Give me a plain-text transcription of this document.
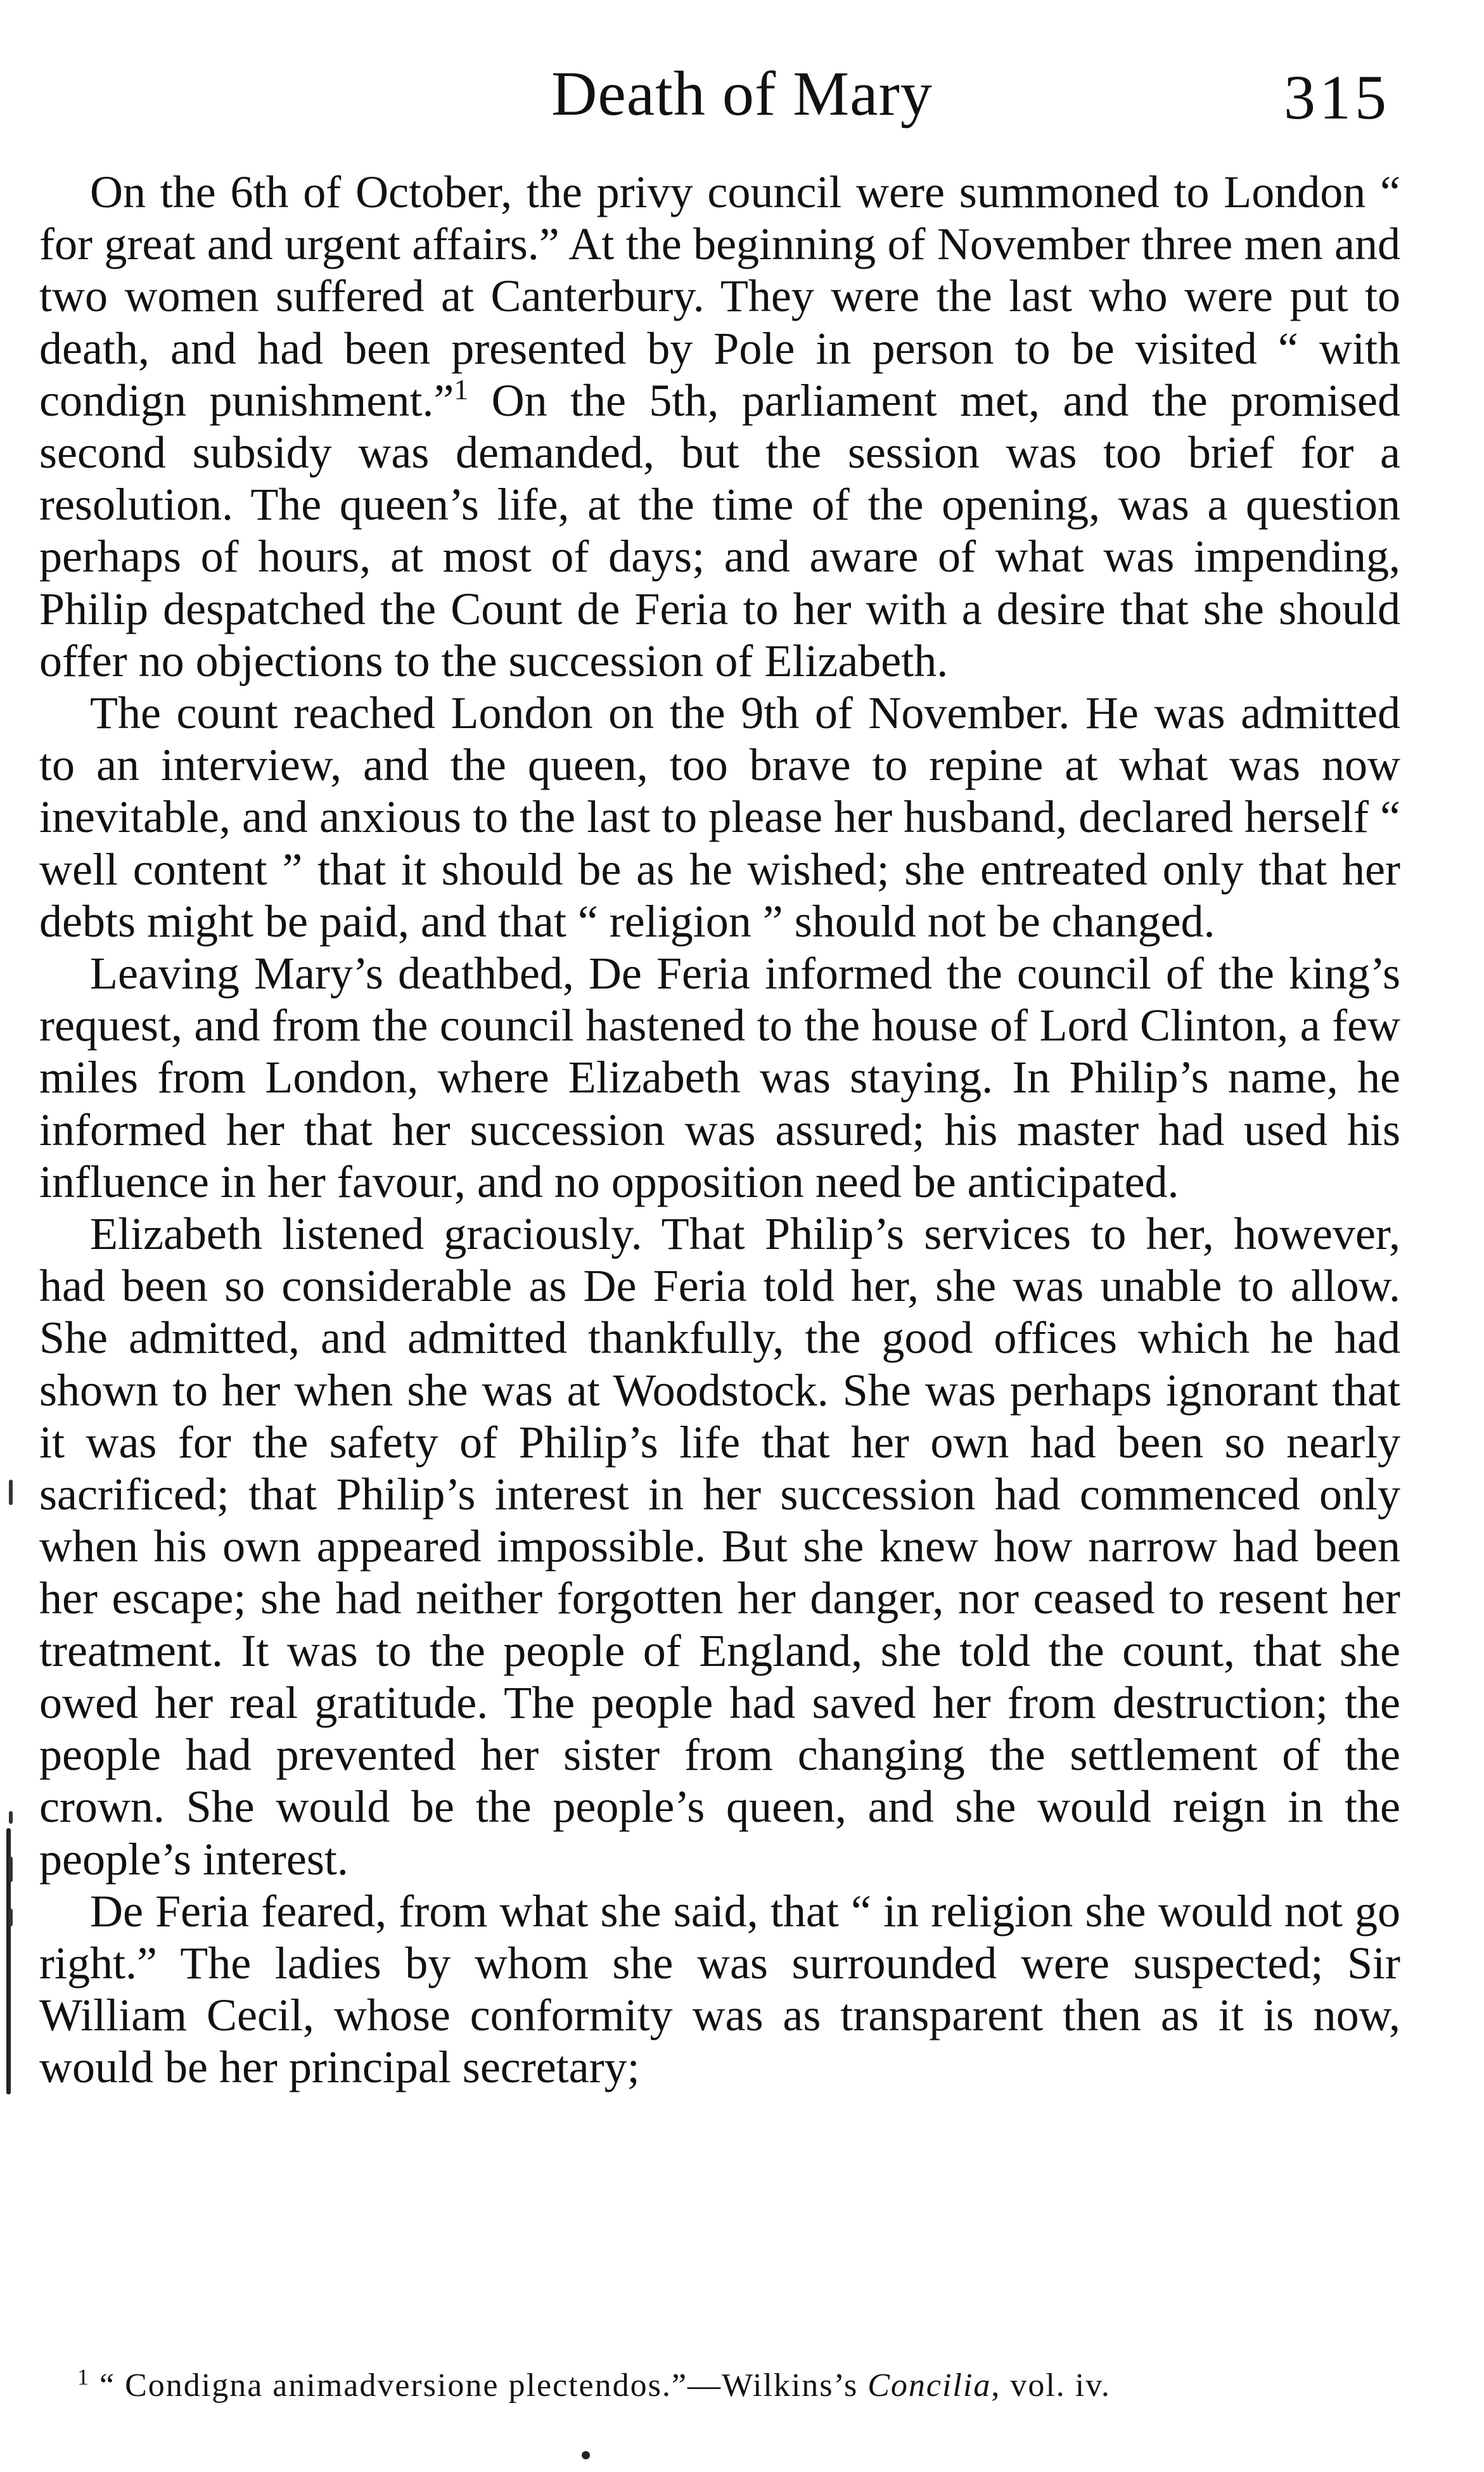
Death of Mary	315

On the 6th of October, the privy council were summoned to London “ for great and urgent affairs.” At the beginning of November three men and two women suffered at Canterbury. They were the last who were put to death, and had been presented by Pole in person to be visited “ with condign punishment.”$^1$ On the 5th, parliament met, and the promised second subsidy was demanded, but the session was too brief for a resolution. The queen’s life, at the time of the opening, was a question perhaps of hours, at most of days; and aware of what was impending, Philip despatched the Count de Feria to her with a desire that she should offer no objections to the succession of Elizabeth.

The count reached London on the 9th of November. He was admitted to an interview, and the queen, too brave to repine at what was now inevitable, and anxious to the last to please her husband, declared herself “ well content ” that it should be as he wished; she entreated only that her debts might be paid, and that “ religion ” should not be changed.

Leaving Mary’s deathbed, De Feria informed the council of the king’s request, and from the council hastened to the house of Lord Clinton, a few miles from London, where Elizabeth was staying. In Philip’s name, he informed her that her succession was assured; his master had used his influence in her favour, and no opposition need be anticipated.

Elizabeth listened graciously. That Philip’s services to her, however, had been so considerable as De Feria told her, she was unable to allow. She admitted, and admitted thankfully, the good offices which he had shown to her when she was at Woodstock. She was perhaps ignorant that it was for the safety of Philip’s life that her own had been so nearly sacrificed; that Philip’s interest in her succession had commenced only when his own appeared impossible. But she knew how narrow had been her escape; she had neither forgotten her danger, nor ceased to resent her treatment. It was to the people of England, she told the count, that she owed her real gratitude. The people had saved her from destruction; the people had prevented her sister from changing the settlement of the crown. She would be the people’s queen, and she would reign in the people’s interest.

De Feria feared, from what she said, that “ in religion she would not go right.” The ladies by whom she was surrounded were suspected; Sir William Cecil, whose conformity was as transparent then as it is now, would be her principal secretary;

$^1$ “ Condigna animadversione plectendos.”—Wilkins’s Concilia, vol. iv.
